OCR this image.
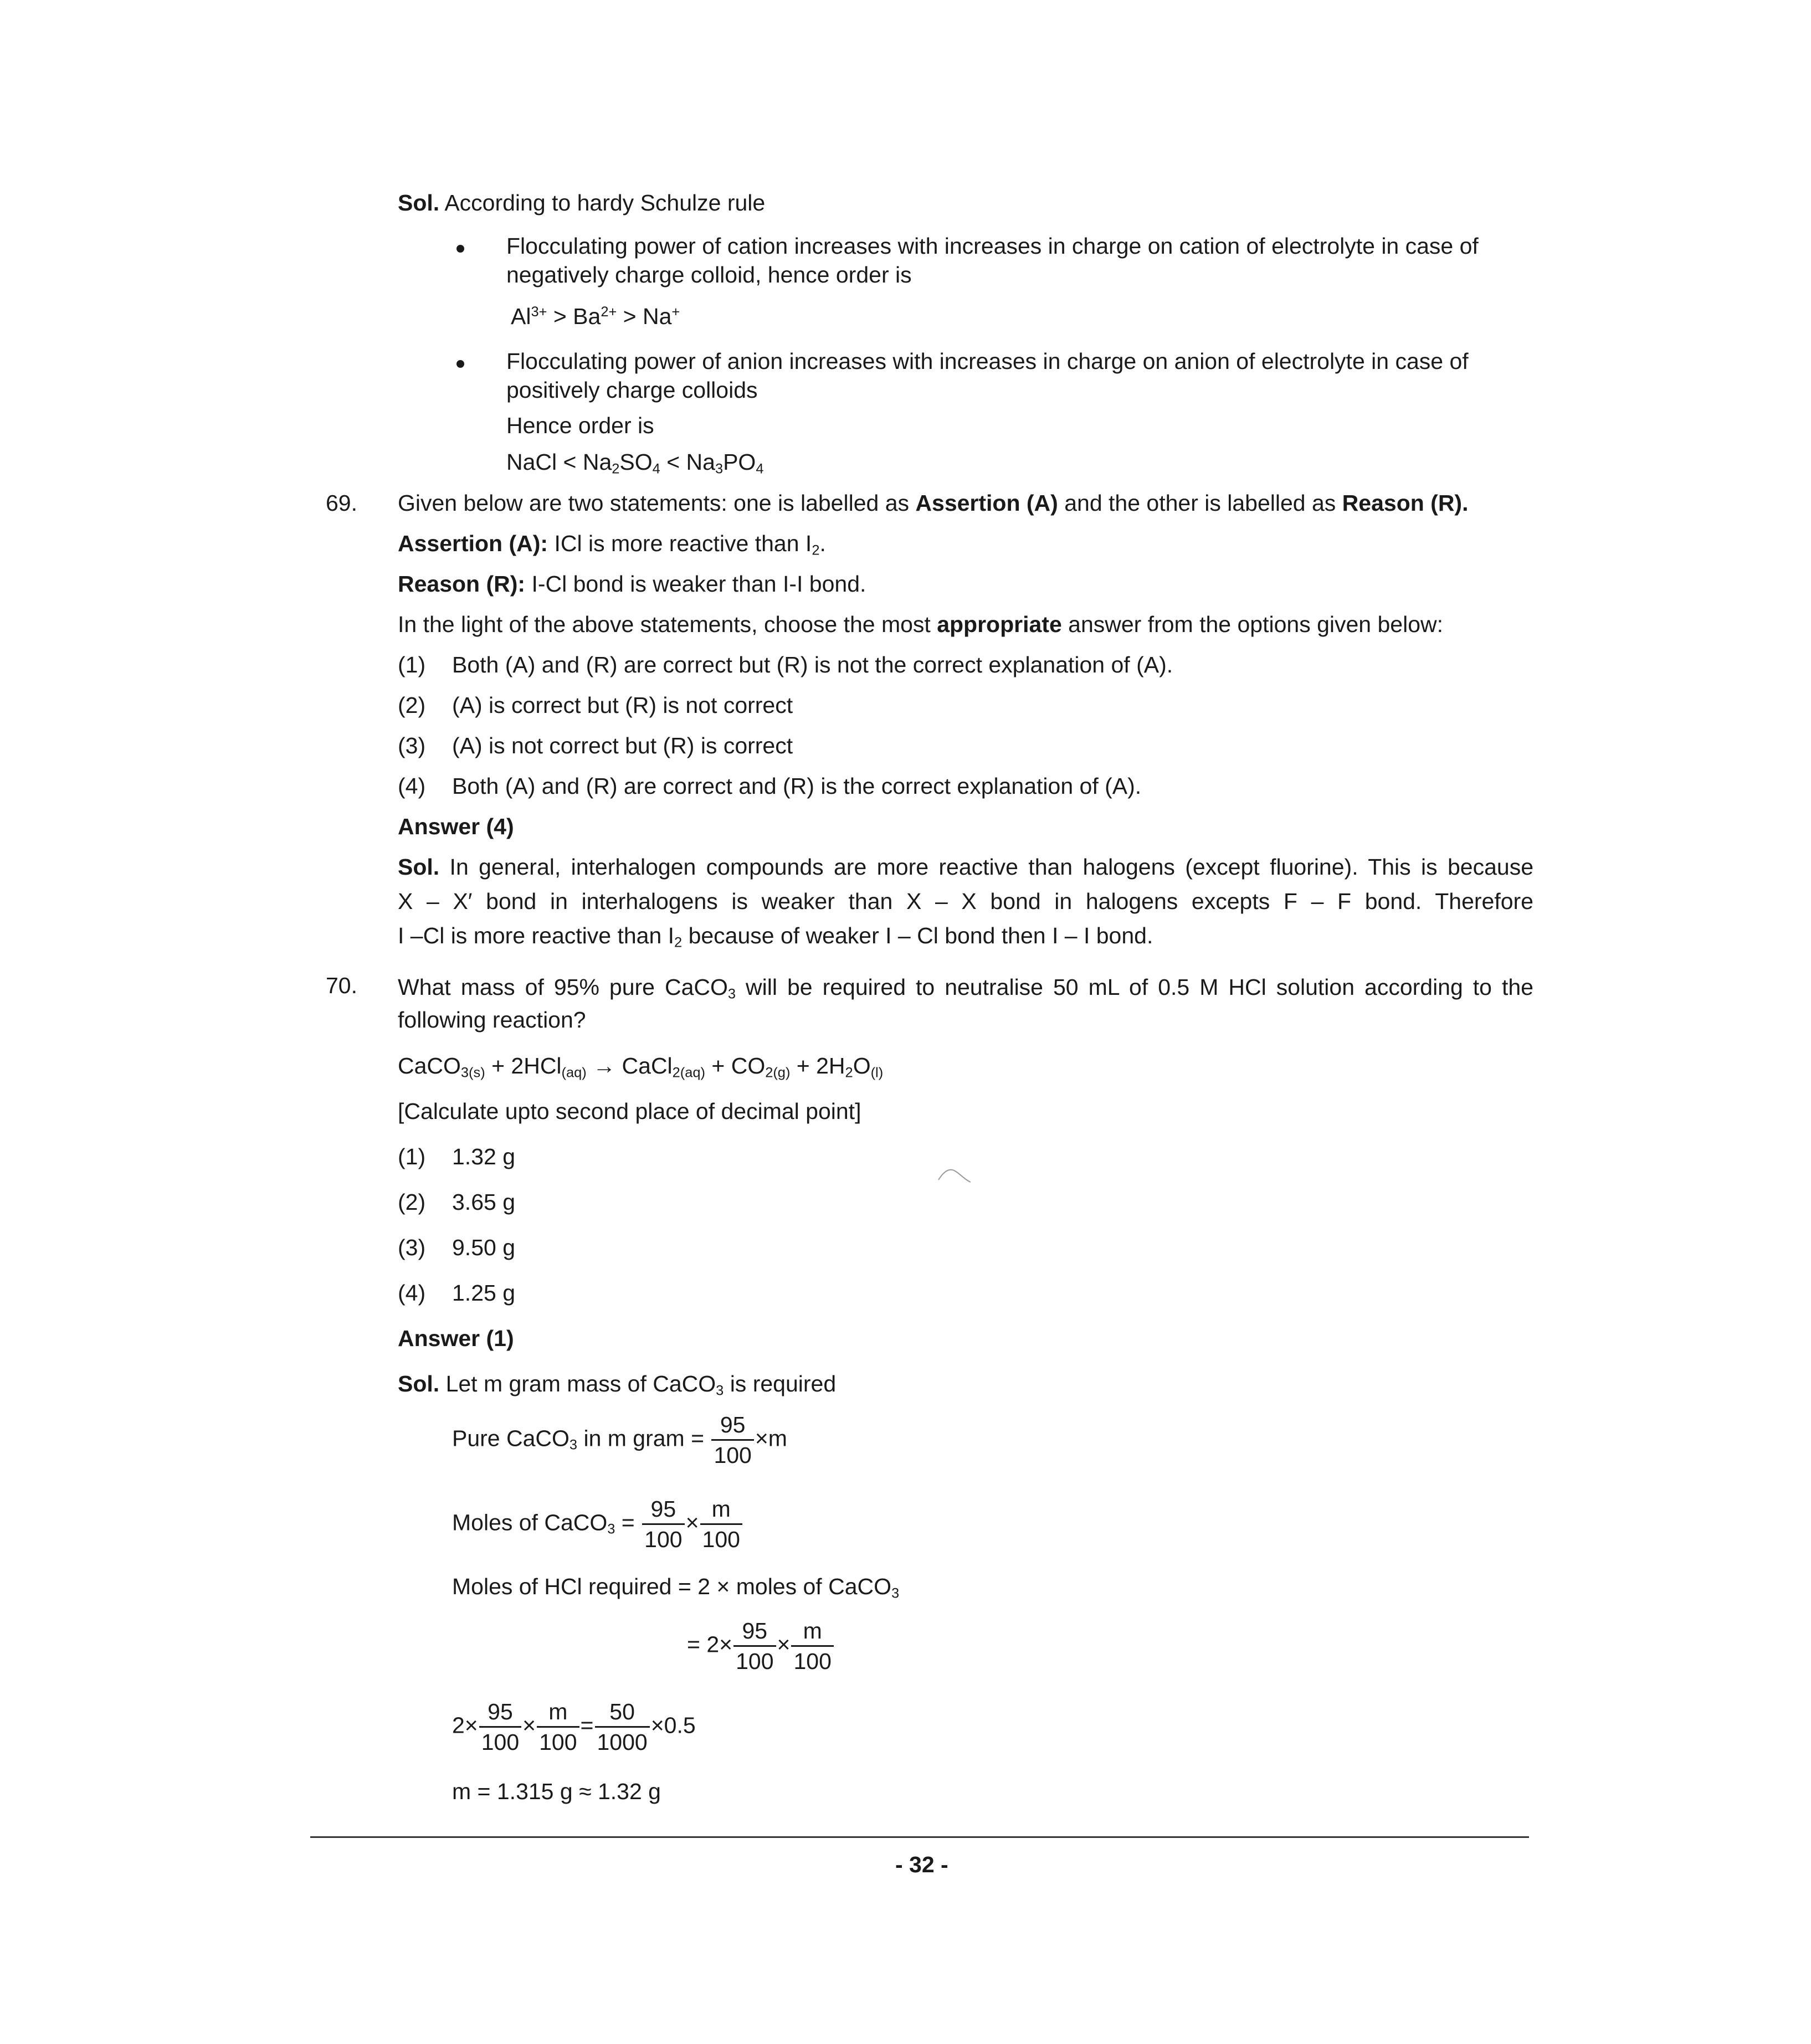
Sol. According to hardy Schulze rule
Flocculating power of cation increases with increases in charge on cation of electrolyte in case of
negatively charge colloid, hence order is
$Al^{3+} > Ba^{2+} > Na^+$
Flocculating power of anion increases with increases in charge on anion of electrolyte in case of
positively charge colloids
Hence order is
NaCl < $Na_2SO_4 < Na_3PO_4$
69. Given below are two statements: one is labelled as Assertion (A) and the other is labelled as Reason (R).
Assertion (A): ICl is more reactive than $I_2$.
Reason (R): I-Cl bond is weaker than I-I bond.
In the light of the above statements, choose the most appropriate answer from the options given below:
(1) Both (A) and (R) are correct but (R) is not the correct explanation of (A).
(2) (A) is correct but (R) is not correct
(3) (A) is not correct but (R) is correct
(4) Both (A) and (R) are correct and (R) is the correct explanation of (A).
Answer (4)
Sol. In general, interhalogen compounds are more reactive than halogens (except fluorine). This is because
X – X′ bond in interhalogens is weaker than X – X bond in halogens excepts F – F bond. Therefore
I –Cl is more reactive than $I_2$ because of weaker I – Cl bond then I – I bond.
70. What mass of 95% pure CaCO$_3$ will be required to neutralise 50 mL of 0.5 M HCl solution according to the
following reaction?
CaCO$_{3(s)}$ + 2HCl$_{(aq)}$ → CaCl$_{2(aq)}$ + $CO_{2(g)} + 2H_2O_{(l)}$
[Calculate upto second place of decimal point]
(1) 1.32 g
(2) 3.65 g
(3) 9.50 g
(4) 1.25 g
Answer (1)
Sol. Let m gram mass of CaCO$_3$ is required
Pure CaCO$_3$ in m gram = $\frac{95}{100} \times m$
Moles of CaCO$_3$ = $\frac{95}{100} \times \frac{m}{100}$
Moles of HCl required = 2 × moles of CaCO$_3$
= $2\times \frac{95}{100} \times \frac{m}{100}$
$2\times \frac{95}{100} \times \frac{m}{100} = \frac{50}{1000} \times 0.5$
m = 1.315 g ≈ 1.32 g
- 32 -
